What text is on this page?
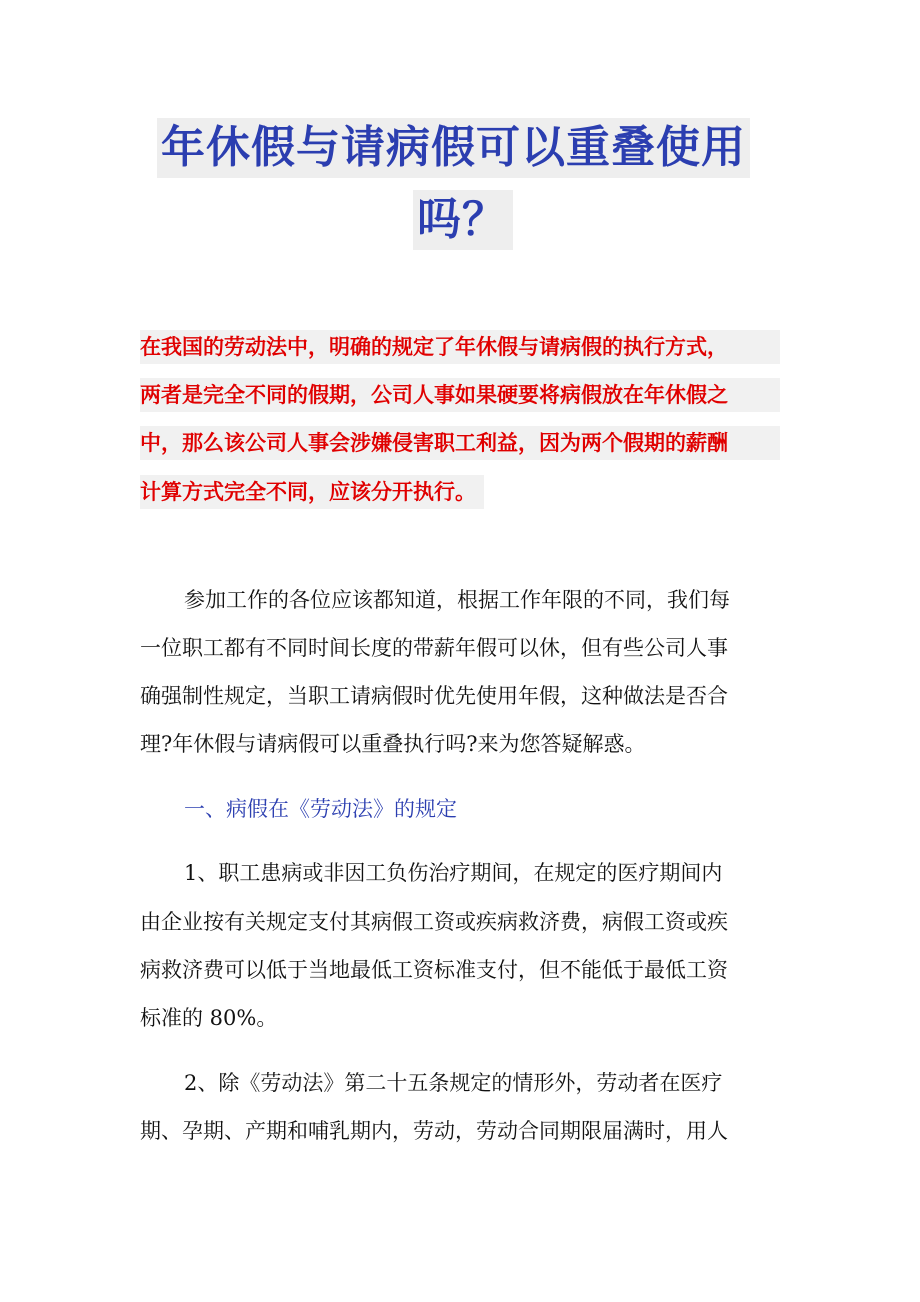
年休假与请病假可以重叠使用
吗？
在我国的劳动法中，明确的规定了年休假与请病假的执行方式，
两者是完全不同的假期，公司人事如果硬要将病假放在年休假之
中，那么该公司人事会涉嫌侵害职工利益，因为两个假期的薪酬
计算方式完全不同，应该分开执行。
参加工作的各位应该都知道，根据工作年限的不同，我们每
一位职工都有不同时间长度的带薪年假可以休，但有些公司人事
确强制性规定，当职工请病假时优先使用年假，这种做法是否合
理?年休假与请病假可以重叠执行吗?来为您答疑解惑。
一、病假在《劳动法》的规定
1、职工患病或非因工负伤治疗期间，在规定的医疗期间内
由企业按有关规定支付其病假工资或疾病救济费，病假工资或疾
病救济费可以低于当地最低工资标准支付，但不能低于最低工资
标准的 80%。
2、除《劳动法》第二十五条规定的情形外，劳动者在医疗
期、孕期、产期和哺乳期内，劳动，劳动合同期限届满时，用人
